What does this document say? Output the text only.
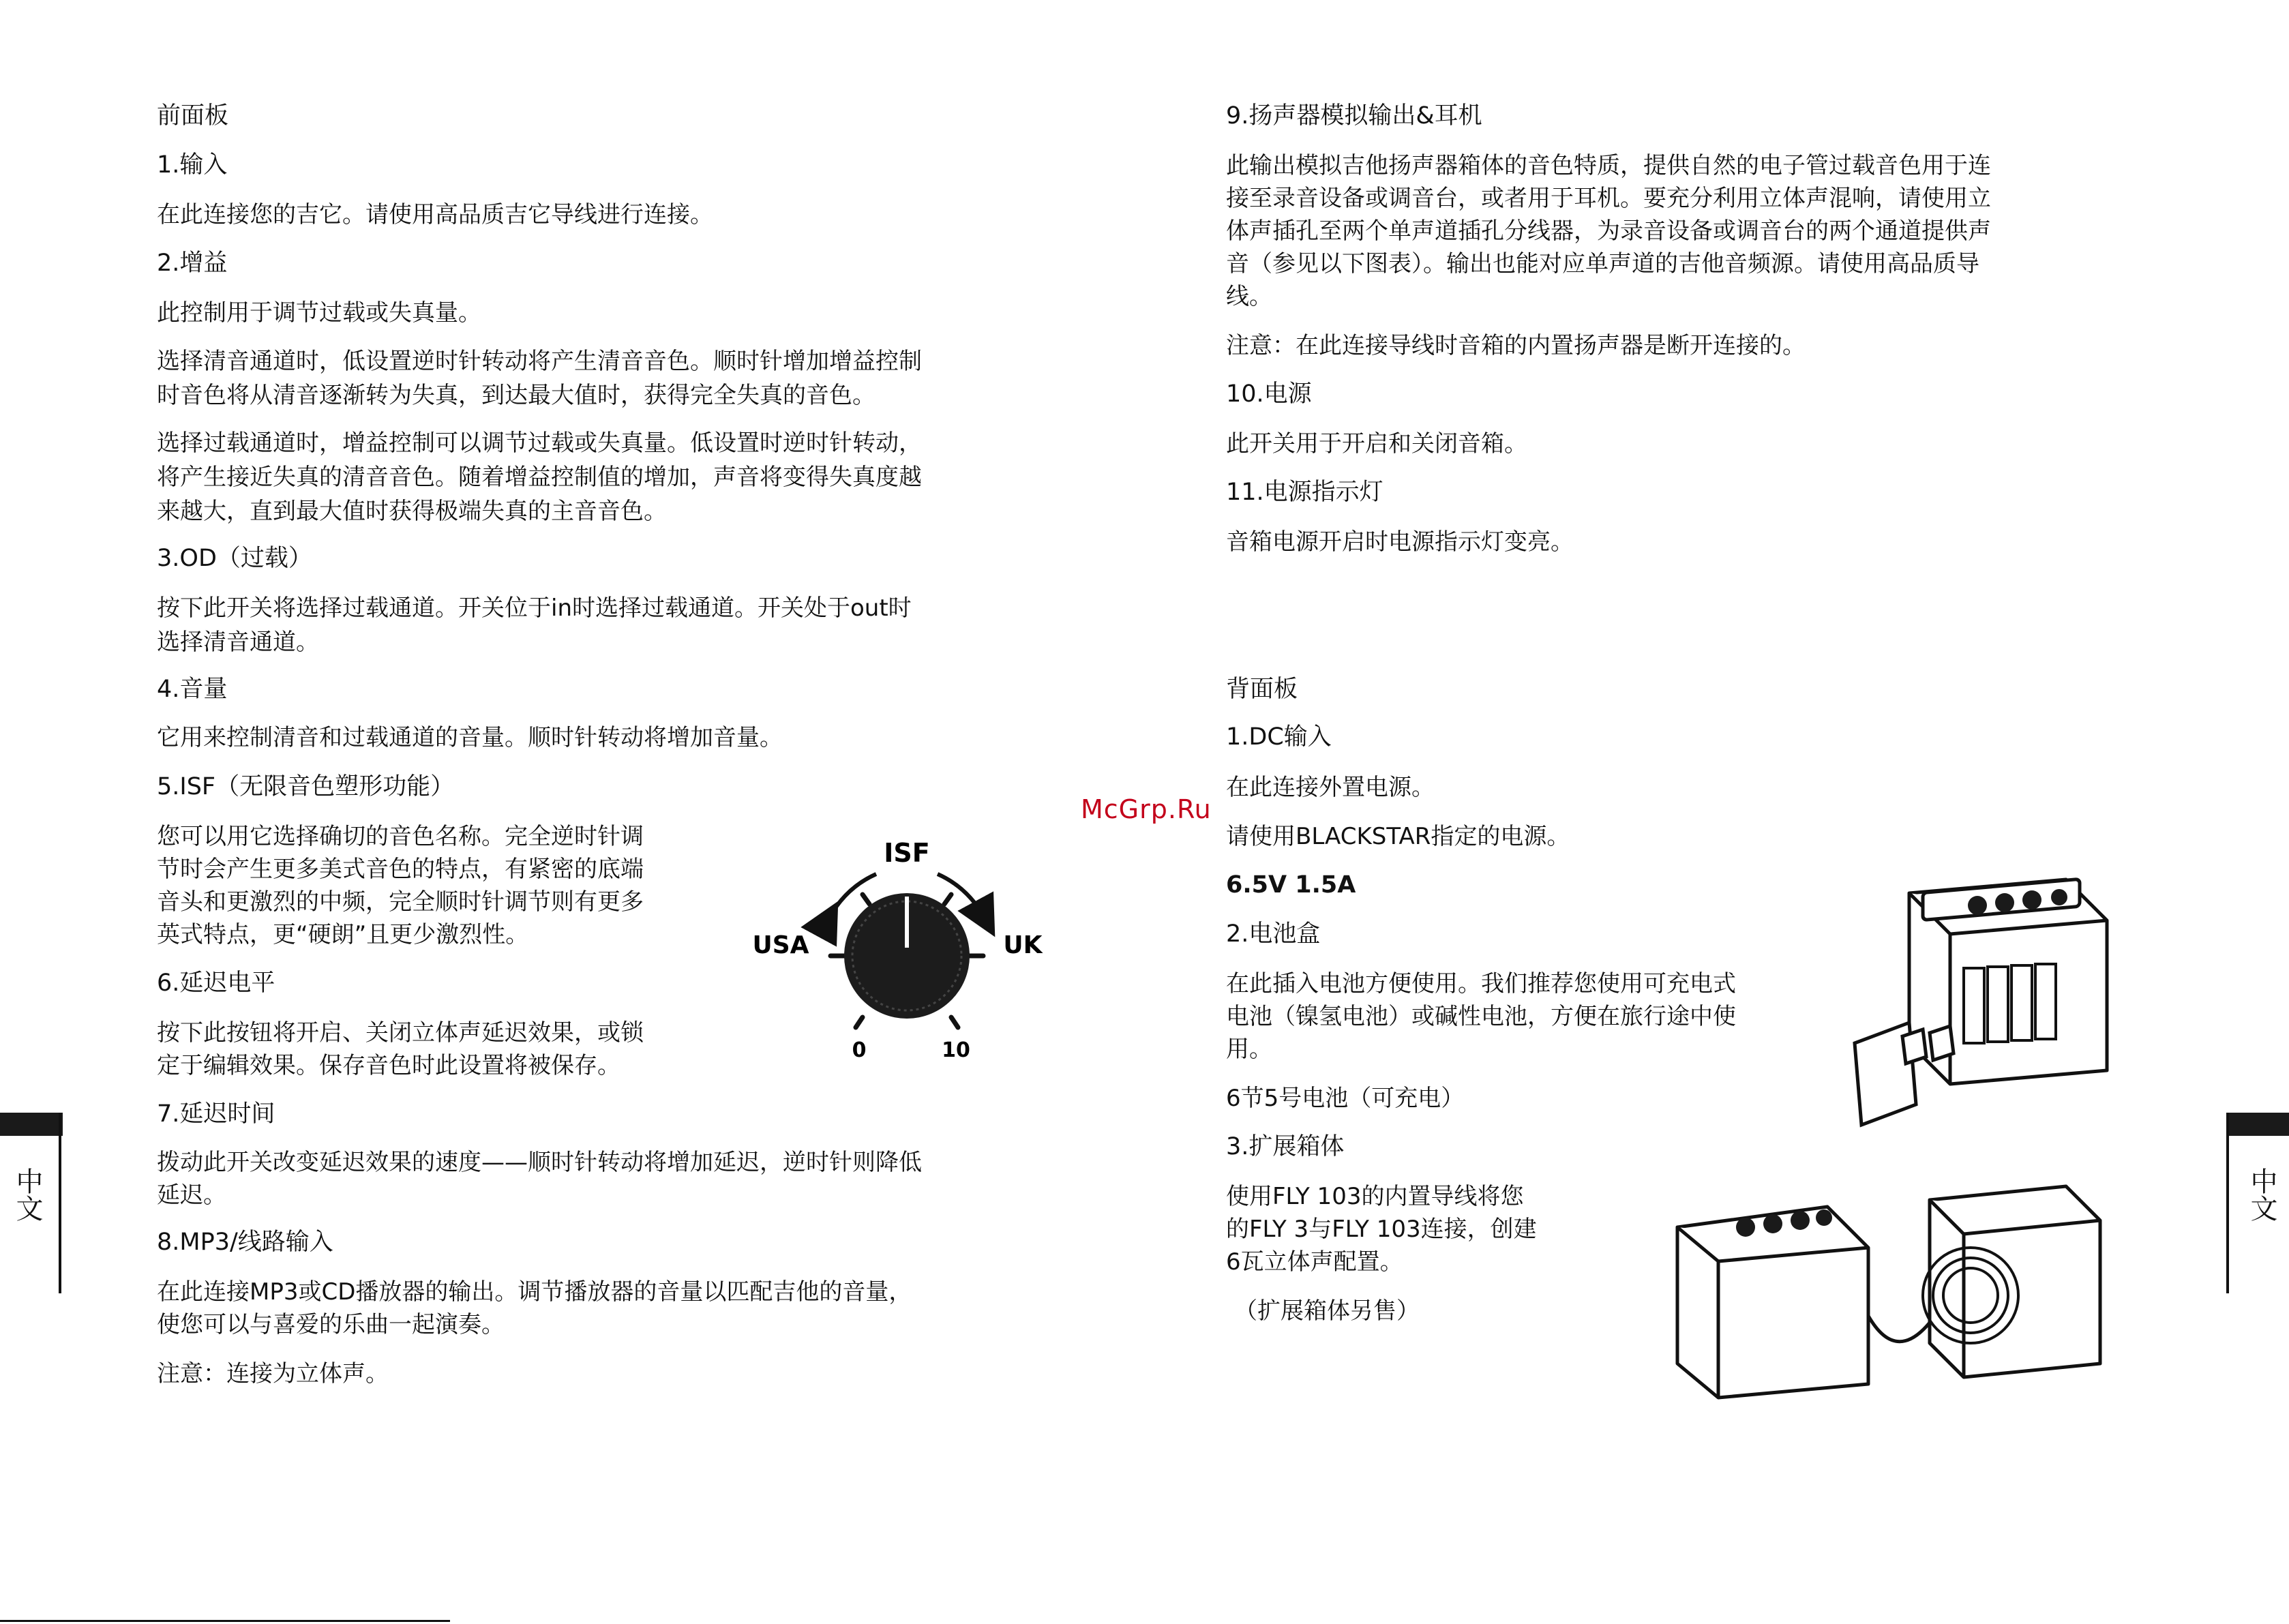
前面板
1.输入
在此连接您的吉它。请使用高品质吉它导线进行连接。
2.增益
此控制用于调节过载或失真量。
选择清音通道时，低设置逆时针转动将产生清音音色。顺时针增加增益控制
时音色将从清音逐渐转为失真，到达最大值时，获得完全失真的音色。
选择过载通道时，增益控制可以调节过载或失真量。低设置时逆时针转动，
将产生接近失真的清音音色。随着增益控制值的增加，声音将变得失真度越
来越大，直到最大值时获得极端失真的主音音色。
3.OD（过载）
按下此开关将选择过载通道。开关位于in时选择过载通道。开关处于out时
选择清音通道。
4.音量
它用来控制清音和过载通道的音量。顺时针转动将增加音量。
5.ISF（无限音色塑形功能）
您可以用它选择确切的音色名称。完全逆时针调
节时会产生更多美式音色的特点，有紧密的底端
音头和更激烈的中频，完全顺时针调节则有更多
英式特点，更“硬朗”且更少激烈性。
6.延迟电平
按下此按钮将开启、关闭立体声延迟效果，或锁
定于编辑效果。保存音色时此设置将被保存。
7.延迟时间
拨动此开关改变延迟效果的速度——顺时针转动将增加延迟，逆时针则降低
延迟。
8.MP3/线路输入
在此连接MP3或CD播放器的输出。调节播放器的音量以匹配吉他的音量，
使您可以与喜爱的乐曲一起演奏。
注意：连接为立体声。
ISF
USA	UK
0	10
McGrp.Ru
9.扬声器模拟输出&耳机
此输出模拟吉他扬声器箱体的音色特质，提供自然的电子管过载音色用于连
接至录音设备或调音台，或者用于耳机。要充分利用立体声混响，请使用立
体声插孔至两个单声道插孔分线器，为录音设备或调音台的两个通道提供声
音（参见以下图表）。输出也能对应单声道的吉他音频源。请使用高品质导
线。
注意：在此连接导线时音箱的内置扬声器是断开连接的。
10.电源
此开关用于开启和关闭音箱。
11.电源指示灯
音箱电源开启时电源指示灯变亮。
背面板
1.DC输入
在此连接外置电源。
请使用BLACKSTAR指定的电源。
6.5V 1.5A
2.电池盒
在此插入电池方便使用。我们推荐您使用可充电式
电池（镍氢电池）或碱性电池，方便在旅行途中使
用。
6节5号电池（可充电）
3.扩展箱体
使用FLY 103的内置导线将您
的FLY 3与FLY 103连接，创建
6瓦立体声配置。
（扩展箱体另售）
中文	中文
